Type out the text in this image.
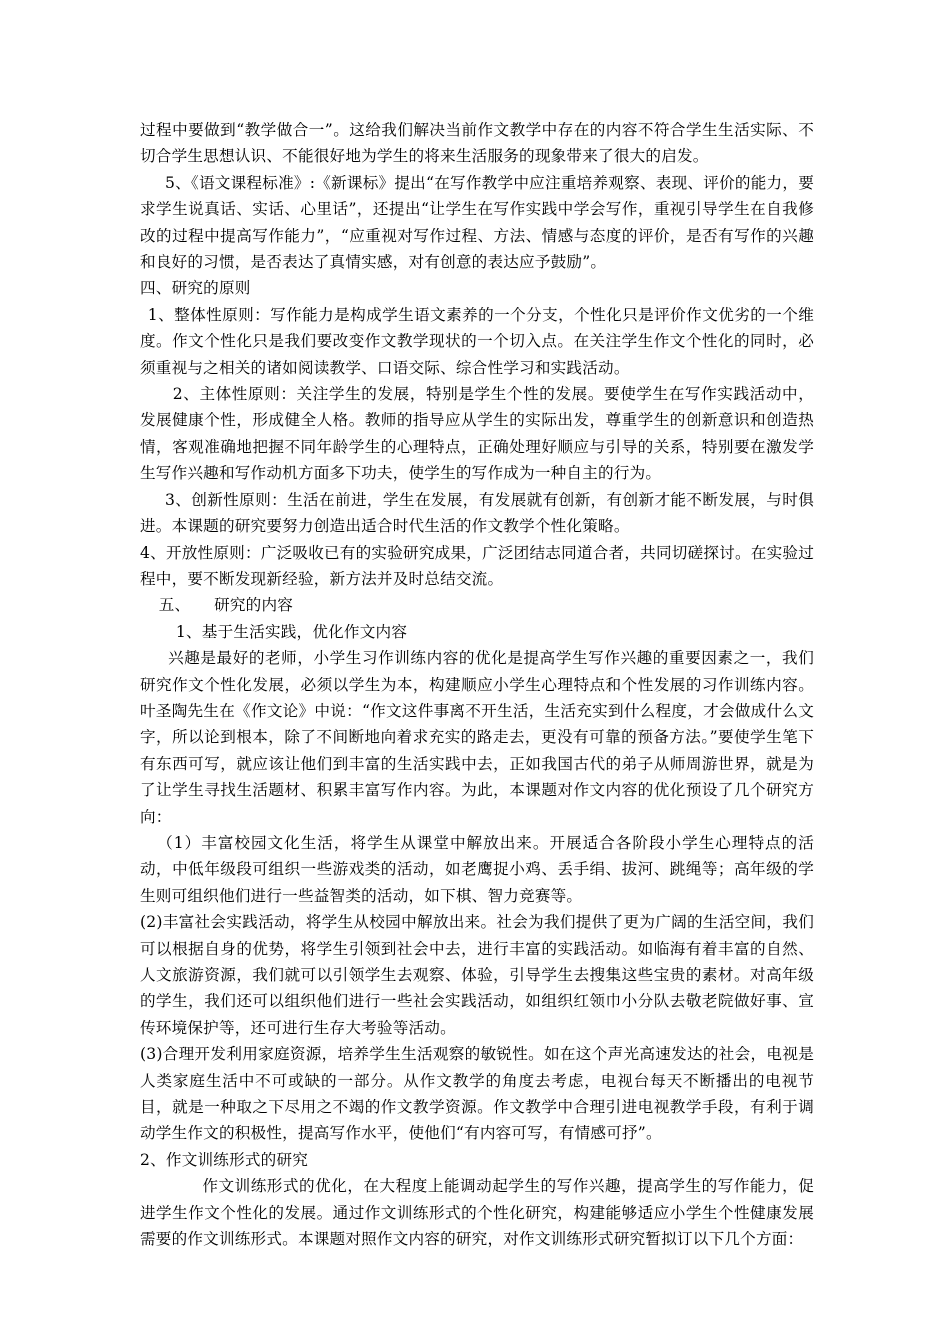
过程中要做到“教学做合一”。这给我们解决当前作文教学中存在的内容不符合学生生活实际、不切合学生思想认识、不能很好地为学生的将来生活服务的现象带来了很大的启发。

5、《语文课程标准》:《新课标》提出“在写作教学中应注重培养观察、表现、评价的能力，要求学生说真话、实话、心里话”，还提出“让学生在写作实践中学会写作，重视引导学生在自我修改的过程中提高写作能力”，“应重视对写作过程、方法、情感与态度的评价，是否有写作的兴趣和良好的习惯，是否表达了真情实感，对有创意的表达应予鼓励”。

四、研究的原则

1、整体性原则：写作能力是构成学生语文素养的一个分支，个性化只是评价作文优劣的一个维度。作文个性化只是我们要改变作文教学现状的一个切入点。在关注学生作文个性化的同时，必须重视与之相关的诸如阅读教学、口语交际、综合性学习和实践活动。

2、主体性原则：关注学生的发展，特别是学生个性的发展。要使学生在写作实践活动中，发展健康个性，形成健全人格。教师的指导应从学生的实际出发，尊重学生的创新意识和创造热情，客观准确地把握不同年龄学生的心理特点，正确处理好顺应与引导的关系，特别要在激发学生写作兴趣和写作动机方面多下功夫，使学生的写作成为一种自主的行为。

3、创新性原则：生活在前进，学生在发展，有发展就有创新，有创新才能不断发展，与时俱进。本课题的研究要努力创造出适合时代生活的作文教学个性化策略。

4、开放性原则：广泛吸收已有的实验研究成果，广泛团结志同道合者，共同切磋探讨。在实验过程中，要不断发现新经验，新方法并及时总结交流。

五、　　研究的内容

1、基于生活实践，优化作文内容

兴趣是最好的老师，小学生习作训练内容的优化是提高学生写作兴趣的重要因素之一，我们研究作文个性化发展，必须以学生为本，构建顺应小学生心理特点和个性发展的习作训练内容。叶圣陶先生在《作文论》中说：“作文这件事离不开生活，生活充实到什么程度，才会做成什么文字，所以论到根本，除了不间断地向着求充实的路走去，更没有可靠的预备方法。”要使学生笔下有东西可写，就应该让他们到丰富的生活实践中去，正如我国古代的弟子从师周游世界，就是为了让学生寻找生活题材、积累丰富写作内容。为此，本课题对作文内容的优化预设了几个研究方向：

（1）丰富校园文化生活，将学生从课堂中解放出来。开展适合各阶段小学生心理特点的活动，中低年级段可组织一些游戏类的活动，如老鹰捉小鸡、丢手绢、拔河、跳绳等；高年级的学生则可组织他们进行一些益智类的活动，如下棋、智力竞赛等。

(2)丰富社会实践活动，将学生从校园中解放出来。社会为我们提供了更为广阔的生活空间，我们可以根据自身的优势，将学生引领到社会中去，进行丰富的实践活动。如临海有着丰富的自然、人文旅游资源，我们就可以引领学生去观察、体验，引导学生去搜集这些宝贵的素材。对高年级的学生，我们还可以组织他们进行一些社会实践活动，如组织红领巾小分队去敬老院做好事、宣传环境保护等，还可进行生存大考验等活动。

(3)合理开发利用家庭资源，培养学生生活观察的敏锐性。如在这个声光高速发达的社会，电视是人类家庭生活中不可或缺的一部分。从作文教学的角度去考虑，电视台每天不断播出的电视节目，就是一种取之下尽用之不竭的作文教学资源。作文教学中合理引进电视教学手段，有利于调动学生作文的积极性，提高写作水平，使他们“有内容可写，有情感可抒”。

2、作文训练形式的研究

作文训练形式的优化，在大程度上能调动起学生的写作兴趣，提高学生的写作能力，促进学生作文个性化的发展。通过作文训练形式的个性化研究，构建能够适应小学生个性健康发展需要的作文训练形式。本课题对照作文内容的研究，对作文训练形式研究暂拟订以下几个方面：
